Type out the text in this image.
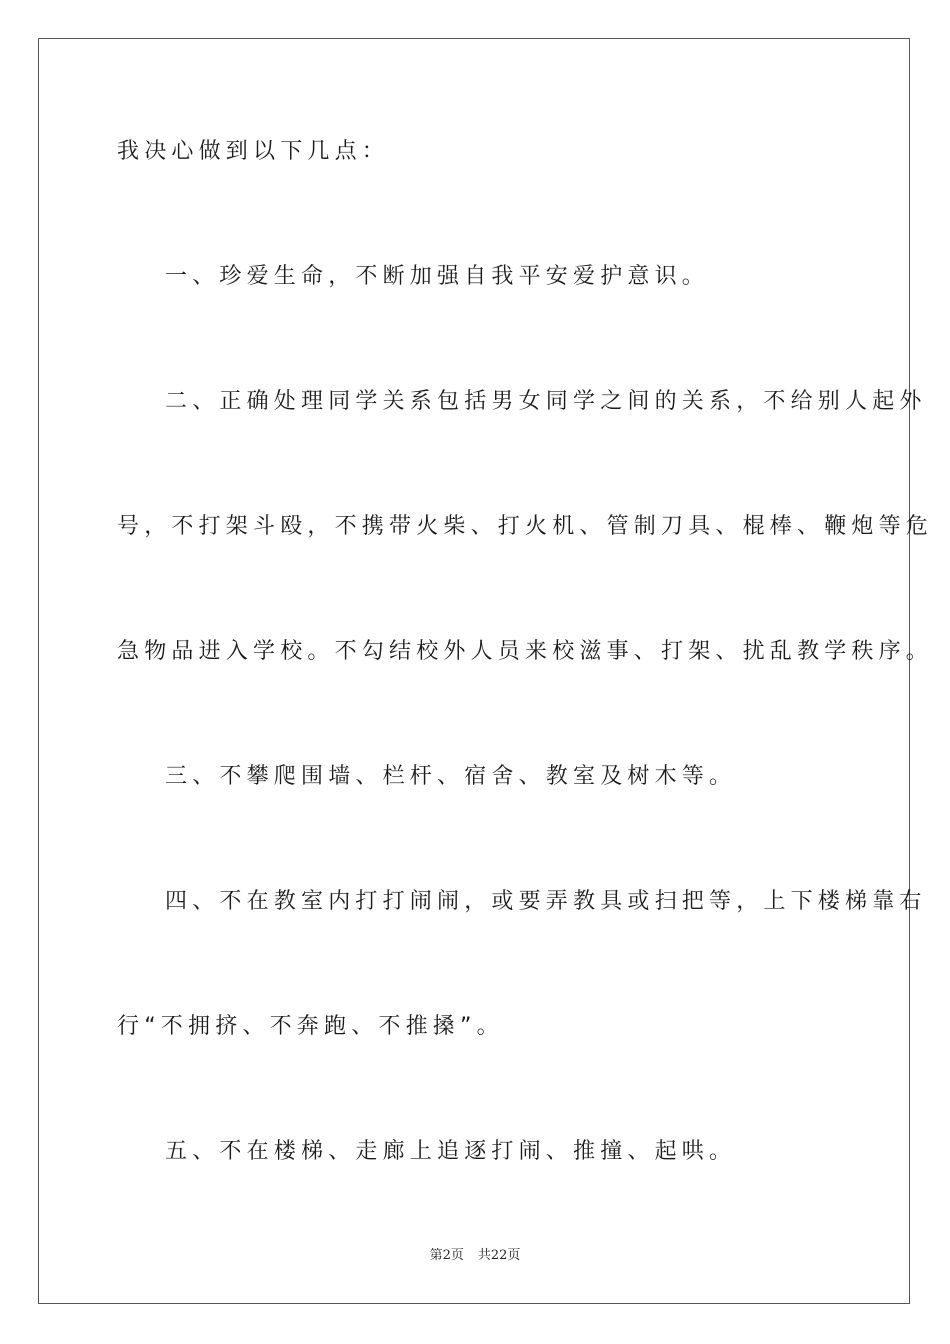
我决心做到以下几点：
一、珍爱生命，不断加强自我平安爱护意识。
二、正确处理同学关系包括男女同学之间的关系，不给别人起外
号，不打架斗殴，不携带火柴、打火机、管制刀具、棍棒、鞭炮等危
急物品进入学校。不勾结校外人员来校滋事、打架、扰乱教学秩序。
三、不攀爬围墙、栏杆、宿舍、教室及树木等。
四、不在教室内打打闹闹，或要弄教具或扫把等，上下楼梯靠右
行“不拥挤、不奔跑、不推搡”。
五、不在楼梯、走廊上追逐打闹、推撞、起哄。
第2页 共22页
